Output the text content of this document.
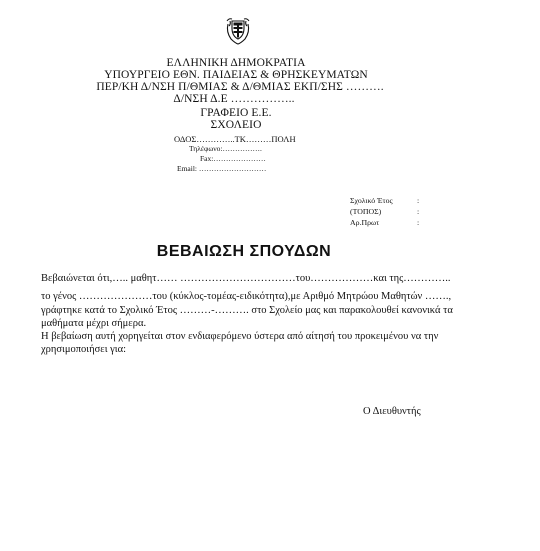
ΕΛΛΗΝΙΚΗ ΔΗΜΟΚΡΑΤΙΑ
ΥΠΟΥΡΓΕΙΟ ΕΘΝ. ΠΑΙΔΕΙΑΣ & ΘΡΗΣΚΕΥΜΑΤΩΝ
ΠΕΡ/ΚΗ Δ/ΝΣΗ Π/ΘΜΙΑΣ & Δ/ΘΜΙΑΣ ΕΚΠ/ΣΗΣ ……….
Δ/ΝΣΗ Δ.Ε ……………..
ΓΡΑΦΕΙΟ Ε.Ε.
ΣΧΟΛΕΙΟ
ΟΔΟΣ…………..ΤΚ………ΠΟΛΗ
Τηλέφωνο:…………….
Fax:…………………
Email: ………………………
Σχολικό Έτος	:
(ΤΟΠΟΣ)	:
Αρ.Πρωτ	:
ΒΕΒΑΙΩΣΗ ΣΠΟΥΔΩΝ
Βεβαιώνεται ότι,….. μαθητ…… ……………………………του………………και της…………..
το γένος …………………του (κύκλος-τομέας-ειδικότητα),με Αριθμό Μητρώου Μαθητών …….,
γράφτηκε κατά το Σχολικό Έτος ………-………. στο Σχολείο μας και παρακολουθεί κανονικά τα
μαθήματα μέχρι σήμερα.
Η βεβαίωση αυτή χορηγείται στον ενδιαφερόμενο ύστερα από αίτησή του προκειμένου να την
χρησιμοποιήσει για:
Ο Διευθυντής
